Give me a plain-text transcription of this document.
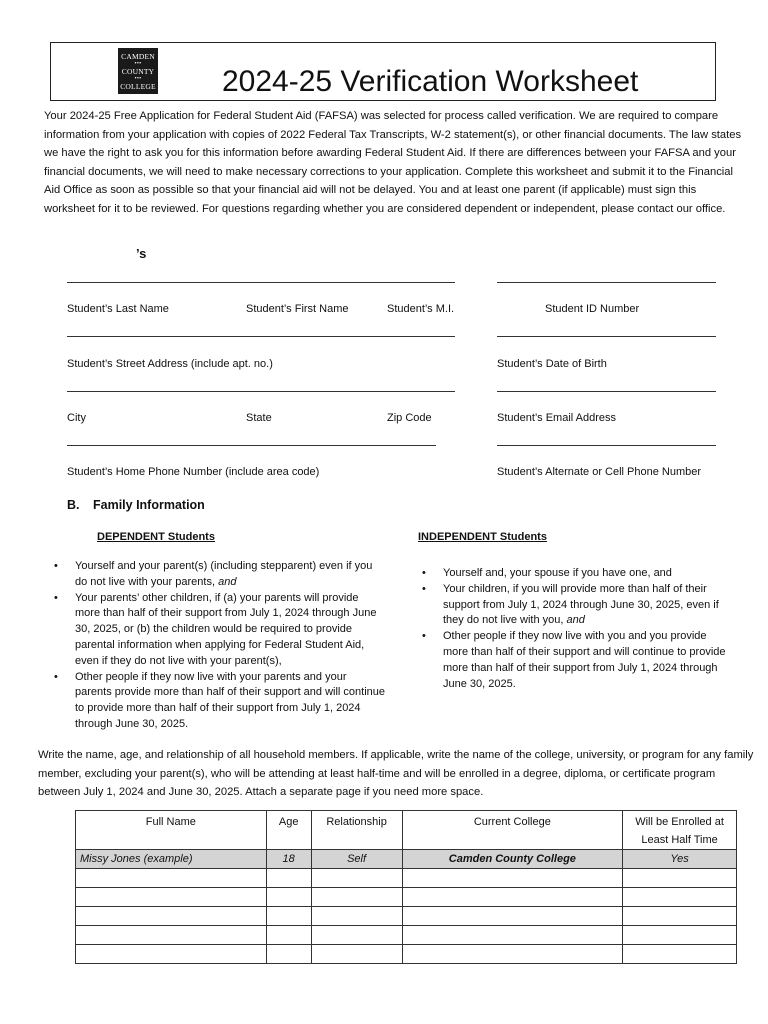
CAMDEN
•••
COUNTY
•••
COLLEGE 2024-25 Verification Worksheet
Your 2024-25 Free Application for Federal Student Aid (FAFSA) was selected for process called verification. We are required to compare information from your application with copies of 2022 Federal Tax Transcripts, W-2 statement(s), or other financial documents. The law states we have the right to ask you for this information before awarding Federal Student Aid. If there are differences between your FAFSA and your financial documents, we will need to make necessary corrections to your application. Complete this worksheet and submit it to the Financial Aid Office as soon as possible so that your financial aid will not be delayed. You and at least one parent (if applicable) must sign this worksheet for it to be reviewed. For questions regarding whether you are considered dependent or independent, please contact our office.
’s
Student’s Last Name	Student’s First Name	Student’s M.I.	Student ID Number
Student’s Street Address (include apt. no.)	Student’s Date of Birth
City	State	Zip Code	Student’s Email Address
Student’s Home Phone Number (include area code)	Student’s Alternate or Cell Phone Number
B. Family Information
DEPENDENT Students	INDEPENDENT Students
• Yourself and your parent(s) (including stepparent) even if you do not live with your parents, and
• Your parents’ other children, if (a) your parents will provide more than half of their support from July 1, 2024 through June 30, 2025, or (b) the children would be required to provide parental information when applying for Federal Student Aid, even if they do not live with your parent(s),
• Other people if they now live with your parents and your parents provide more than half of their support and will continue to provide more than half of their support from July 1, 2024 through June 30, 2025.
• Yourself and, your spouse if you have one, and
• Your children, if you will provide more than half of their support from July 1, 2024 through June 30, 2025, even if they do not live with you, and
• Other people if they now live with you and you provide more than half of their support and will continue to provide more than half of their support from July 1, 2024 through June 30, 2025.
Write the name, age, and relationship of all household members. If applicable, write the name of the college, university, or program for any family member, excluding your parent(s), who will be attending at least half-time and will be enrolled in a degree, diploma, or certificate program between July 1, 2024 and June 30, 2025. Attach a separate page if you need more space.
Full Name	Age	Relationship	Current College	Will be Enrolled at Least Half Time
Missy Jones (example)	18	Self	Camden County College	Yes
